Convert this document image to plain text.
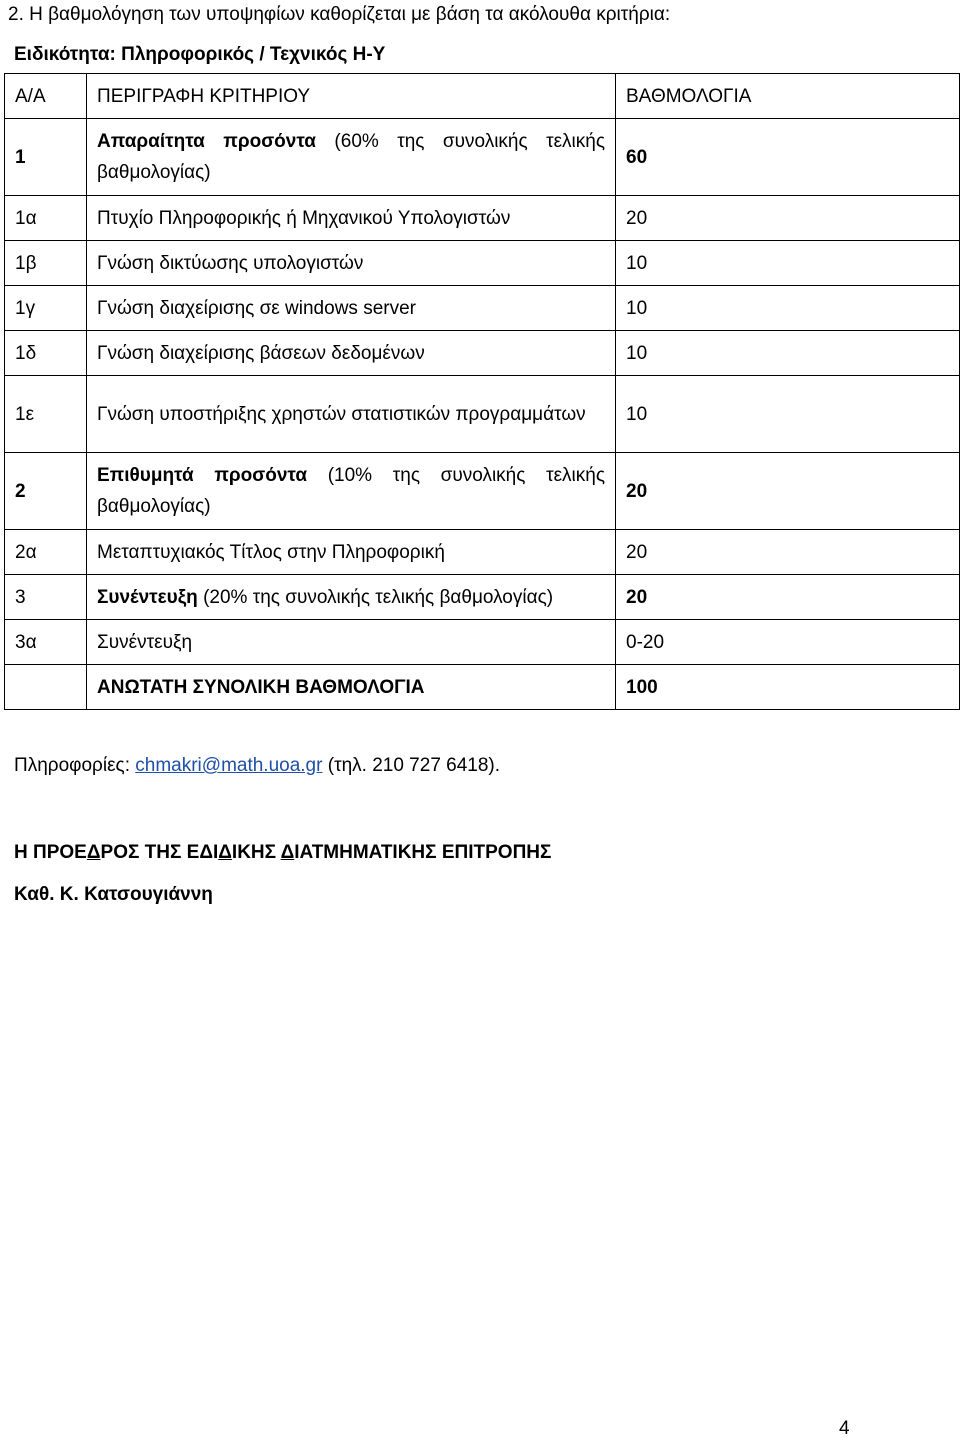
2. Η βαθμολόγηση των υποψηφίων καθορίζεται με βάση τα ακόλουθα κριτήρια:
Ειδικότητα: Πληροφορικός / Τεχνικός Η-Υ
Α/Α	ΠΕΡΙΓΡΑΦΗ ΚΡΙΤΗΡΙΟΥ	ΒΑΘΜΟΛΟΓΙΑ
1	Απαραίτητα προσόντα (60% της συνολικής τελικής βαθμολογίας)	60
1α	Πτυχίο Πληροφορικής ή Μηχανικού Υπολογιστών	20
1β	Γνώση δικτύωσης υπολογιστών	10
1γ	Γνώση διαχείρισης σε windows server	10
1δ	Γνώση διαχείρισης βάσεων δεδομένων	10
1ε	Γνώση υποστήριξης χρηστών στατιστικών προγραμμάτων	10
2	Επιθυμητά προσόντα (10% της συνολικής τελικής βαθμολογίας)	20
2α	Μεταπτυχιακός Τίτλος στην Πληροφορική	20
3	Συνέντευξη (20% της συνολικής τελικής βαθμολογίας)	20
3α	Συνέντευξη	0-20
	ΑΝΩΤΑΤΗ ΣΥΝΟΛΙΚΗ ΒΑΘΜΟΛΟΓΙΑ	100
Πληροφορίες: chmakri@math.uoa.gr (τηλ. 210 727 6418).
Η ΠΡΟΕΔΡΟΣ ΤΗΣ ΕΔΙΔΙΚΗΣ ΔΙΑΤΜΗΜΑΤΙΚΗΣ ΕΠΙΤΡΟΠΗΣ
Καθ. Κ. Κατσουγιάννη
4
